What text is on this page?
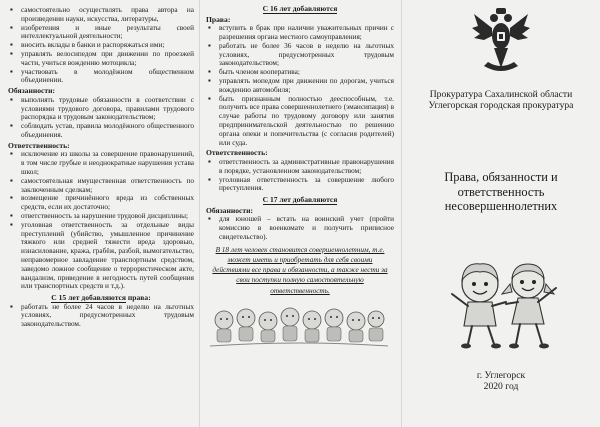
▪ самостоятельно осуществлять права автора на произведении науки, искусства, литературы,
▪ изобретения и иные результаты своей интеллектуальной деятельности;
▪ вносить вклады в банки и распоряжаться ими;
▪ управлять велосипедом при движении по проезжей части, учиться вождению мотоцикла;
▪ участвовать в молодёжном общественном объединении.
Обязанности:
▪ выполнять трудовые обязанности в соответствии с условиями трудового договора, правилами трудового распорядка и трудовым законодательством;
▪ соблюдать устав, правила молодёжного общественного объединения.
Ответственность:
▪ исключение из школы за совершение правонарушений, в том числе грубые и неоднократные нарушения устава школ;
▪ самостоятельная имущественная ответственность по заключенным сделкам;
▪ возмещение причинённого вреда из собственных средств, если их достаточно;
▪ ответственность за нарушение трудовой дисциплины;
▪ уголовная ответственность за отдельные виды преступлений (убийство, умышленное причинение тяжкого или средней тяжести вреда здоровью, изнасилование, кража, грабёж, разбой, вымогательство, неправомерное завладение транспортным средством, заведомо ложное сообщение о террористическом акте, вандализм, приведение в негодность путей сообщения или транспортных средств и т.д.).
С 15 лет добавляются права:
▪ работать не более 24 часов в неделю на льготных условиях, предусмотренных трудовым законодательством.
С 16 лет добавляются
Права:
▪ вступить в брак при наличии уважительных причин с разрешения органа местного самоуправления;
▪ работать не более 36 часов в неделю на льготных условиях, предусмотренных трудовым законодательством;
▪ быть членом кооператива;
▪ управлять мопедом при движении по дорогам, учиться вождению автомобиля;
▪ быть признанным полностью дееспособным, т.е. получить все права совершеннолетнего (эмансипация) в случае работы по трудовому договору или занятия предпринимательской деятельностью по решению органа опеки и попечительства (с согласия родителей) или суда.
Ответственность:
▪ ответственность за административные правонарушения в порядке, установленном законодательством;
▪ уголовная ответственность за совершение любого преступления.
С 17 лет добавляются
Обязанности:
▪ для юношей – встать на воинский учет (пройти комиссию в военкомате и получить приписное свидетельство).
В 18 лет человек становится совершеннолетним, т.е. может иметь и приобретать для себя своими действиями все права и обязанности, а также нести за свои поступки полную самостоятельную ответственность.
Прокуратура Сахалинской области
Углегорская городская прокуратура
Права, обязанности и
ответственность
несовершеннолетних
г. Углегорск
2020 год
